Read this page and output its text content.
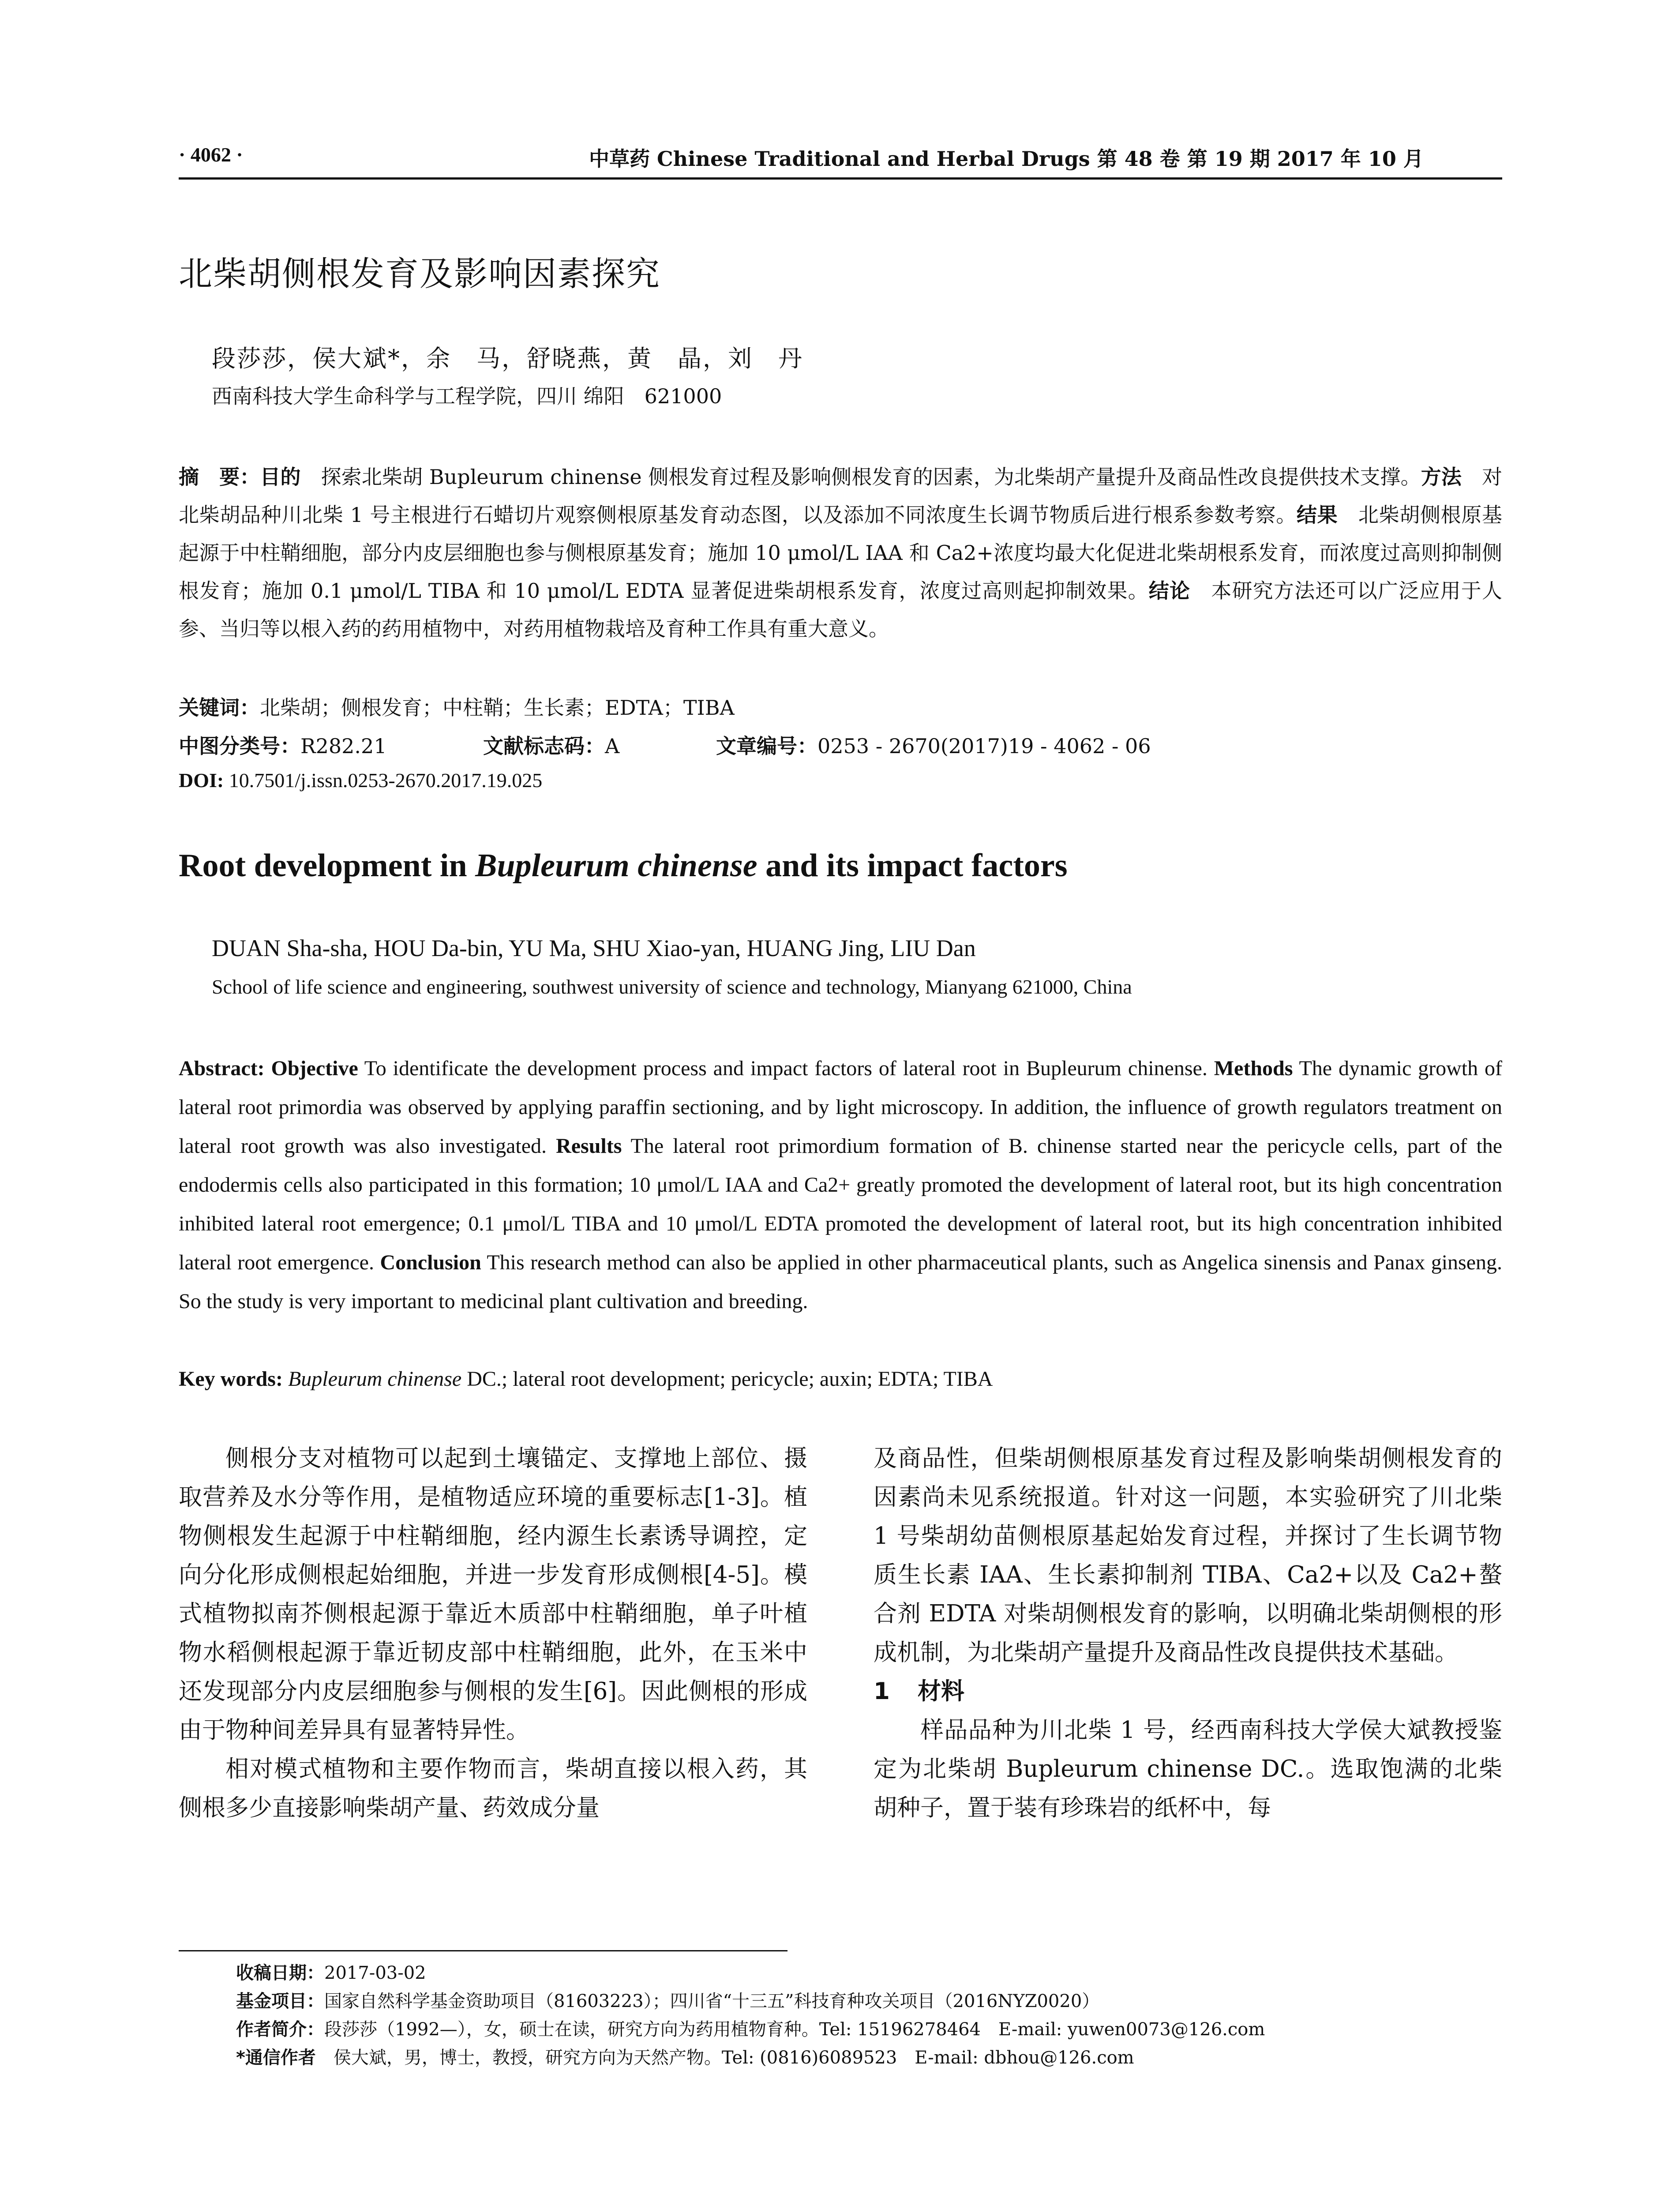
· 4062 ·	中草药 Chinese Traditional and Herbal Drugs 第 48 卷 第 19 期 2017 年 10 月
北柴胡侧根发育及影响因素探究
段莎莎，侯大斌*，余　马，舒晓燕，黄　晶，刘　丹
西南科技大学生命科学与工程学院，四川 绵阳　621000
摘　要：目的　探索北柴胡 Bupleurum chinense 侧根发育过程及影响侧根发育的因素，为北柴胡产量提升及商品性改良提供技术支撑。方法　对北柴胡品种川北柴 1 号主根进行石蜡切片观察侧根原基发育动态图，以及添加不同浓度生长调节物质后进行根系参数考察。结果　北柴胡侧根原基起源于中柱鞘细胞，部分内皮层细胞也参与侧根原基发育；施加 10 μmol/L IAA 和 Ca2+浓度均最大化促进北柴胡根系发育，而浓度过高则抑制侧根发育；施加 0.1 μmol/L TIBA 和 10 μmol/L EDTA 显著促进柴胡根系发育，浓度过高则起抑制效果。结论　本研究方法还可以广泛应用于人参、当归等以根入药的药用植物中，对药用植物栽培及育种工作具有重大意义。
关键词：北柴胡；侧根发育；中柱鞘；生长素；EDTA；TIBA
中图分类号：R282.21	文献标志码：A	文章编号：0253 - 2670(2017)19 - 4062 - 06
DOI: 10.7501/j.issn.0253-2670.2017.19.025
Root development in Bupleurum chinense and its impact factors
DUAN Sha-sha, HOU Da-bin, YU Ma, SHU Xiao-yan, HUANG Jing, LIU Dan
School of life science and engineering, southwest university of science and technology, Mianyang 621000, China
Abstract: Objective To identificate the development process and impact factors of lateral root in Bupleurum chinense. Methods The dynamic growth of lateral root primordia was observed by applying paraffin sectioning, and by light microscopy. In addition, the influence of growth regulators treatment on lateral root growth was also investigated. Results The lateral root primordium formation of B. chinense started near the pericycle cells, part of the endodermis cells also participated in this formation; 10 μmol/L IAA and Ca2+ greatly promoted the development of lateral root, but its high concentration inhibited lateral root emergence; 0.1 μmol/L TIBA and 10 μmol/L EDTA promoted the development of lateral root, but its high concentration inhibited lateral root emergence. Conclusion This research method can also be applied in other pharmaceutical plants, such as Angelica sinensis and Panax ginseng. So the study is very important to medicinal plant cultivation and breeding.
Key words: Bupleurum chinense DC.; lateral root development; pericycle; auxin; EDTA; TIBA

侧根分支对植物可以起到土壤锚定、支撑地上部位、摄取营养及水分等作用，是植物适应环境的重要标志[1-3]。植物侧根发生起源于中柱鞘细胞，经内源生长素诱导调控，定向分化形成侧根起始细胞，并进一步发育形成侧根[4-5]。模式植物拟南芥侧根起源于靠近木质部中柱鞘细胞，单子叶植物水稻侧根起源于靠近韧皮部中柱鞘细胞，此外，在玉米中还发现部分内皮层细胞参与侧根的发生[6]。因此侧根的形成由于物种间差异具有显著特异性。

相对模式植物和主要作物而言，柴胡直接以根入药，其侧根多少直接影响柴胡产量、药效成分量

及商品性，但柴胡侧根原基发育过程及影响柴胡侧根发育的因素尚未见系统报道。针对这一问题，本实验研究了川北柴 1 号柴胡幼苗侧根原基起始发育过程，并探讨了生长调节物质生长素 IAA、生长素抑制剂 TIBA、Ca2+以及 Ca2+螯合剂 EDTA 对柴胡侧根发育的影响，以明确北柴胡侧根的形成机制，为北柴胡产量提升及商品性改良提供技术基础。

1 材料

样品品种为川北柴 1 号，经西南科技大学侯大斌教授鉴定为北柴胡 Bupleurum chinense DC.。选取饱满的北柴胡种子，置于装有珍珠岩的纸杯中，每

收稿日期：2017-03-02
基金项目：国家自然科学基金资助项目（81603223）；四川省“十三五”科技育种攻关项目（2016NYZ0020）
作者简介：段莎莎（1992—），女，硕士在读，研究方向为药用植物育种。Tel: 15196278464　E-mail: yuwen0073@126.com
*通信作者　侯大斌，男，博士，教授，研究方向为天然产物。Tel: (0816)6089523　E-mail: dbhou@126.com
